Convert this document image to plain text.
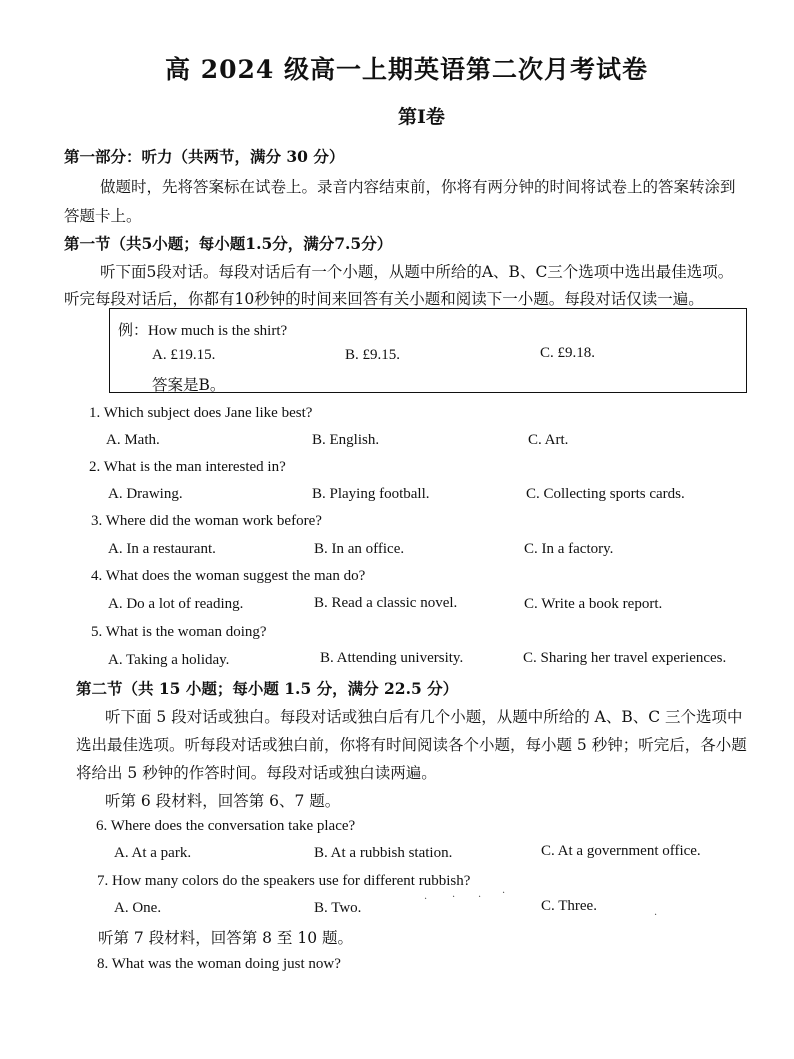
高 2024 级高一上期英语第二次月考试卷
第Ⅰ卷
第一部分：听力（共两节，满分 30 分）
做题时，先将答案标在试卷上。录音内容结束前，你将有两分钟的时间将试卷上的答案转涂到
答题卡上。
第一节（共5小题；每小题1.5分，满分7.5分）
听下面5段对话。每段对话后有一个小题，从题中所给的A、B、C三个选项中选出最佳选项。
听完每段对话后，你都有10秒钟的时间来回答有关小题和阅读下一小题。每段对话仅读一遍。
例：How much is the shirt?
A. £19.15.	B. £9.15.	C. £9.18.
答案是B。
1. Which subject does Jane like best?
A. Math.	B. English.	C. Art.
2. What is the man interested in?
A. Drawing.	B. Playing football.	C. Collecting sports cards.
3. Where did the woman work before?
A. In a restaurant.	B. In an office.	C. In a factory.
4. What does the woman suggest the man do?
A. Do a lot of reading.	B. Read a classic novel.	C. Write a book report.
5. What is the woman doing?
A. Taking a holiday.	B. Attending university.	C. Sharing her travel experiences.
第二节（共 15 小题；每小题 1.5 分，满分 22.5 分）
听下面 5 段对话或独白。每段对话或独白后有几个小题，从题中所给的 A、B、C 三个选项中
选出最佳选项。听每段对话或独白前，你将有时间阅读各个小题，每小题 5 秒钟；听完后，各小题
将给出 5 秒钟的作答时间。每段对话或独白读两遍。
听第 6 段材料，回答第 6、7 题。
6. Where does the conversation take place?
A. At a park.	B. At a rubbish station.	C. At a government office.
7. How many colors do the speakers use for different rubbish?
A. One.	B. Two.	C. Three.
听第 7 段材料，回答第 8 至 10 题。
8. What was the woman doing just now?
· · · ·
·
